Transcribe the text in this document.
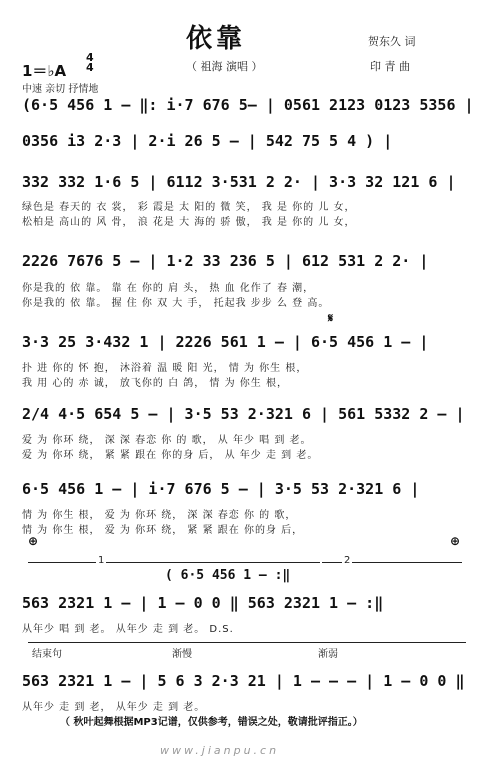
依靠	贺东久 词
（ 祖海 演唱 ）	印 青 曲
1＝♭A
4
4
中速 亲切 抒情地
(6·5 456 1 – ‖: i·7 676 5– | 0561 2123 0123 5356 |
0356 i3 2·3 | 2·i 26 5 – | 542 75 5 4 ) |
332 332 1·6 5 | 6112 3·531 2 2· | 3·3 32 121 6 |
绿色是 春天的 衣 裳， 彩 霞是 太 阳的 微 笑， 我 是 你的 儿 女，
松柏是 高山的 风 骨， 浪 花是 大 海的 骄 傲， 我 是 你的 儿 女，
2226 7676 5 – | 1·2 33 236 5 | 612 531 2 2· |
你是我的 依 靠。 靠 在 你的 肩 头， 热 血 化作了 春 潮，
你是我的 依 靠。 握 住 你 双 大 手， 托起我 步步 么 登 高。
𝄋
3·3 25 3·432 1 | 2226 561 1 – | 6·5 456 1 – |
扑 进 你的 怀 抱， 沐浴着 温 暖 阳 光， 情 为 你生 根，
我 用 心的 赤 诚， 放飞你的 白 鸽， 情 为 你生 根，
2/4 4·5 654 5 – | 3·5 53 2·321 6 | 561 5332 2 – |
爱 为 你环 绕， 深 深 春恋 你 的 歌， 从 年少 唱 到 老。
爱 为 你环 绕， 紧 紧 跟在 你的身 后， 从 年少 走 到 老。
6·5 456 1 – | i·7 676 5 – | 3·5 53 2·321 6 |
情 为 你生 根， 爱 为 你环 绕， 深 深 春恋 你 的 歌，
情 为 你生 根， 爱 为 你环 绕， 紧 紧 跟在 你的身 后，
⊕	⊕
1	2
( 6·5 456 1 – :‖
563 2321 1 – | 1 – 0 0 ‖ 563 2321 1 – :‖
从年少 唱 到 老。 从年少 走 到 老。 D.S.
结束句	渐慢	渐弱
563 2321 1 – | 5 6 3 2·3 21 | 1 – – – | 1 – 0 0 ‖
从年少 走 到 老， 从年少 走 到 老。
（ 秋叶起舞根据MP3记谱，仅供参考，错误之处，敬请批评指正。）
www.jianpu.cn
